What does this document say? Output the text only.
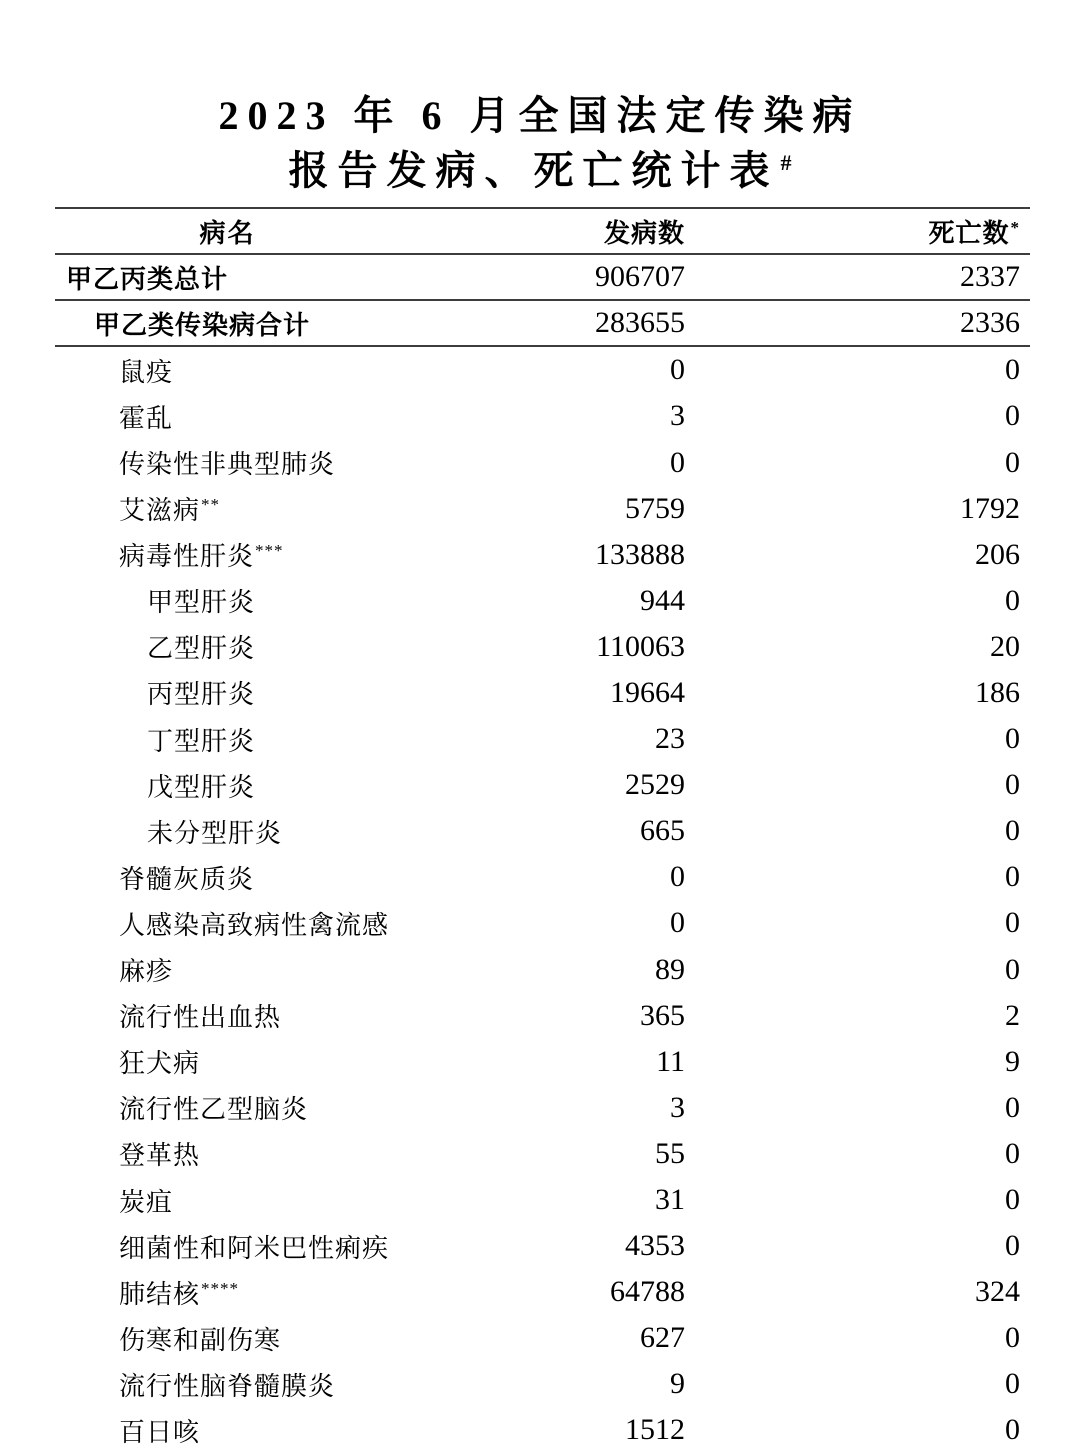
2023 年 6 月全国法定传染病
报告发病、死亡统计表#
病名	发病数	死亡数*
甲乙丙类总计	906707	2337
甲乙类传染病合计	283655	2336
鼠疫	0	0
霍乱	3	0
传染性非典型肺炎	0	0
艾滋病**	5759	1792
病毒性肝炎***	133888	206
甲型肝炎	944	0
乙型肝炎	110063	20
丙型肝炎	19664	186
丁型肝炎	23	0
戊型肝炎	2529	0
未分型肝炎	665	0
脊髓灰质炎	0	0
人感染高致病性禽流感	0	0
麻疹	89	0
流行性出血热	365	2
狂犬病	11	9
流行性乙型脑炎	3	0
登革热	55	0
炭疽	31	0
细菌性和阿米巴性痢疾	4353	0
肺结核****	64788	324
伤寒和副伤寒	627	0
流行性脑脊髓膜炎	9	0
百日咳	1512	0
